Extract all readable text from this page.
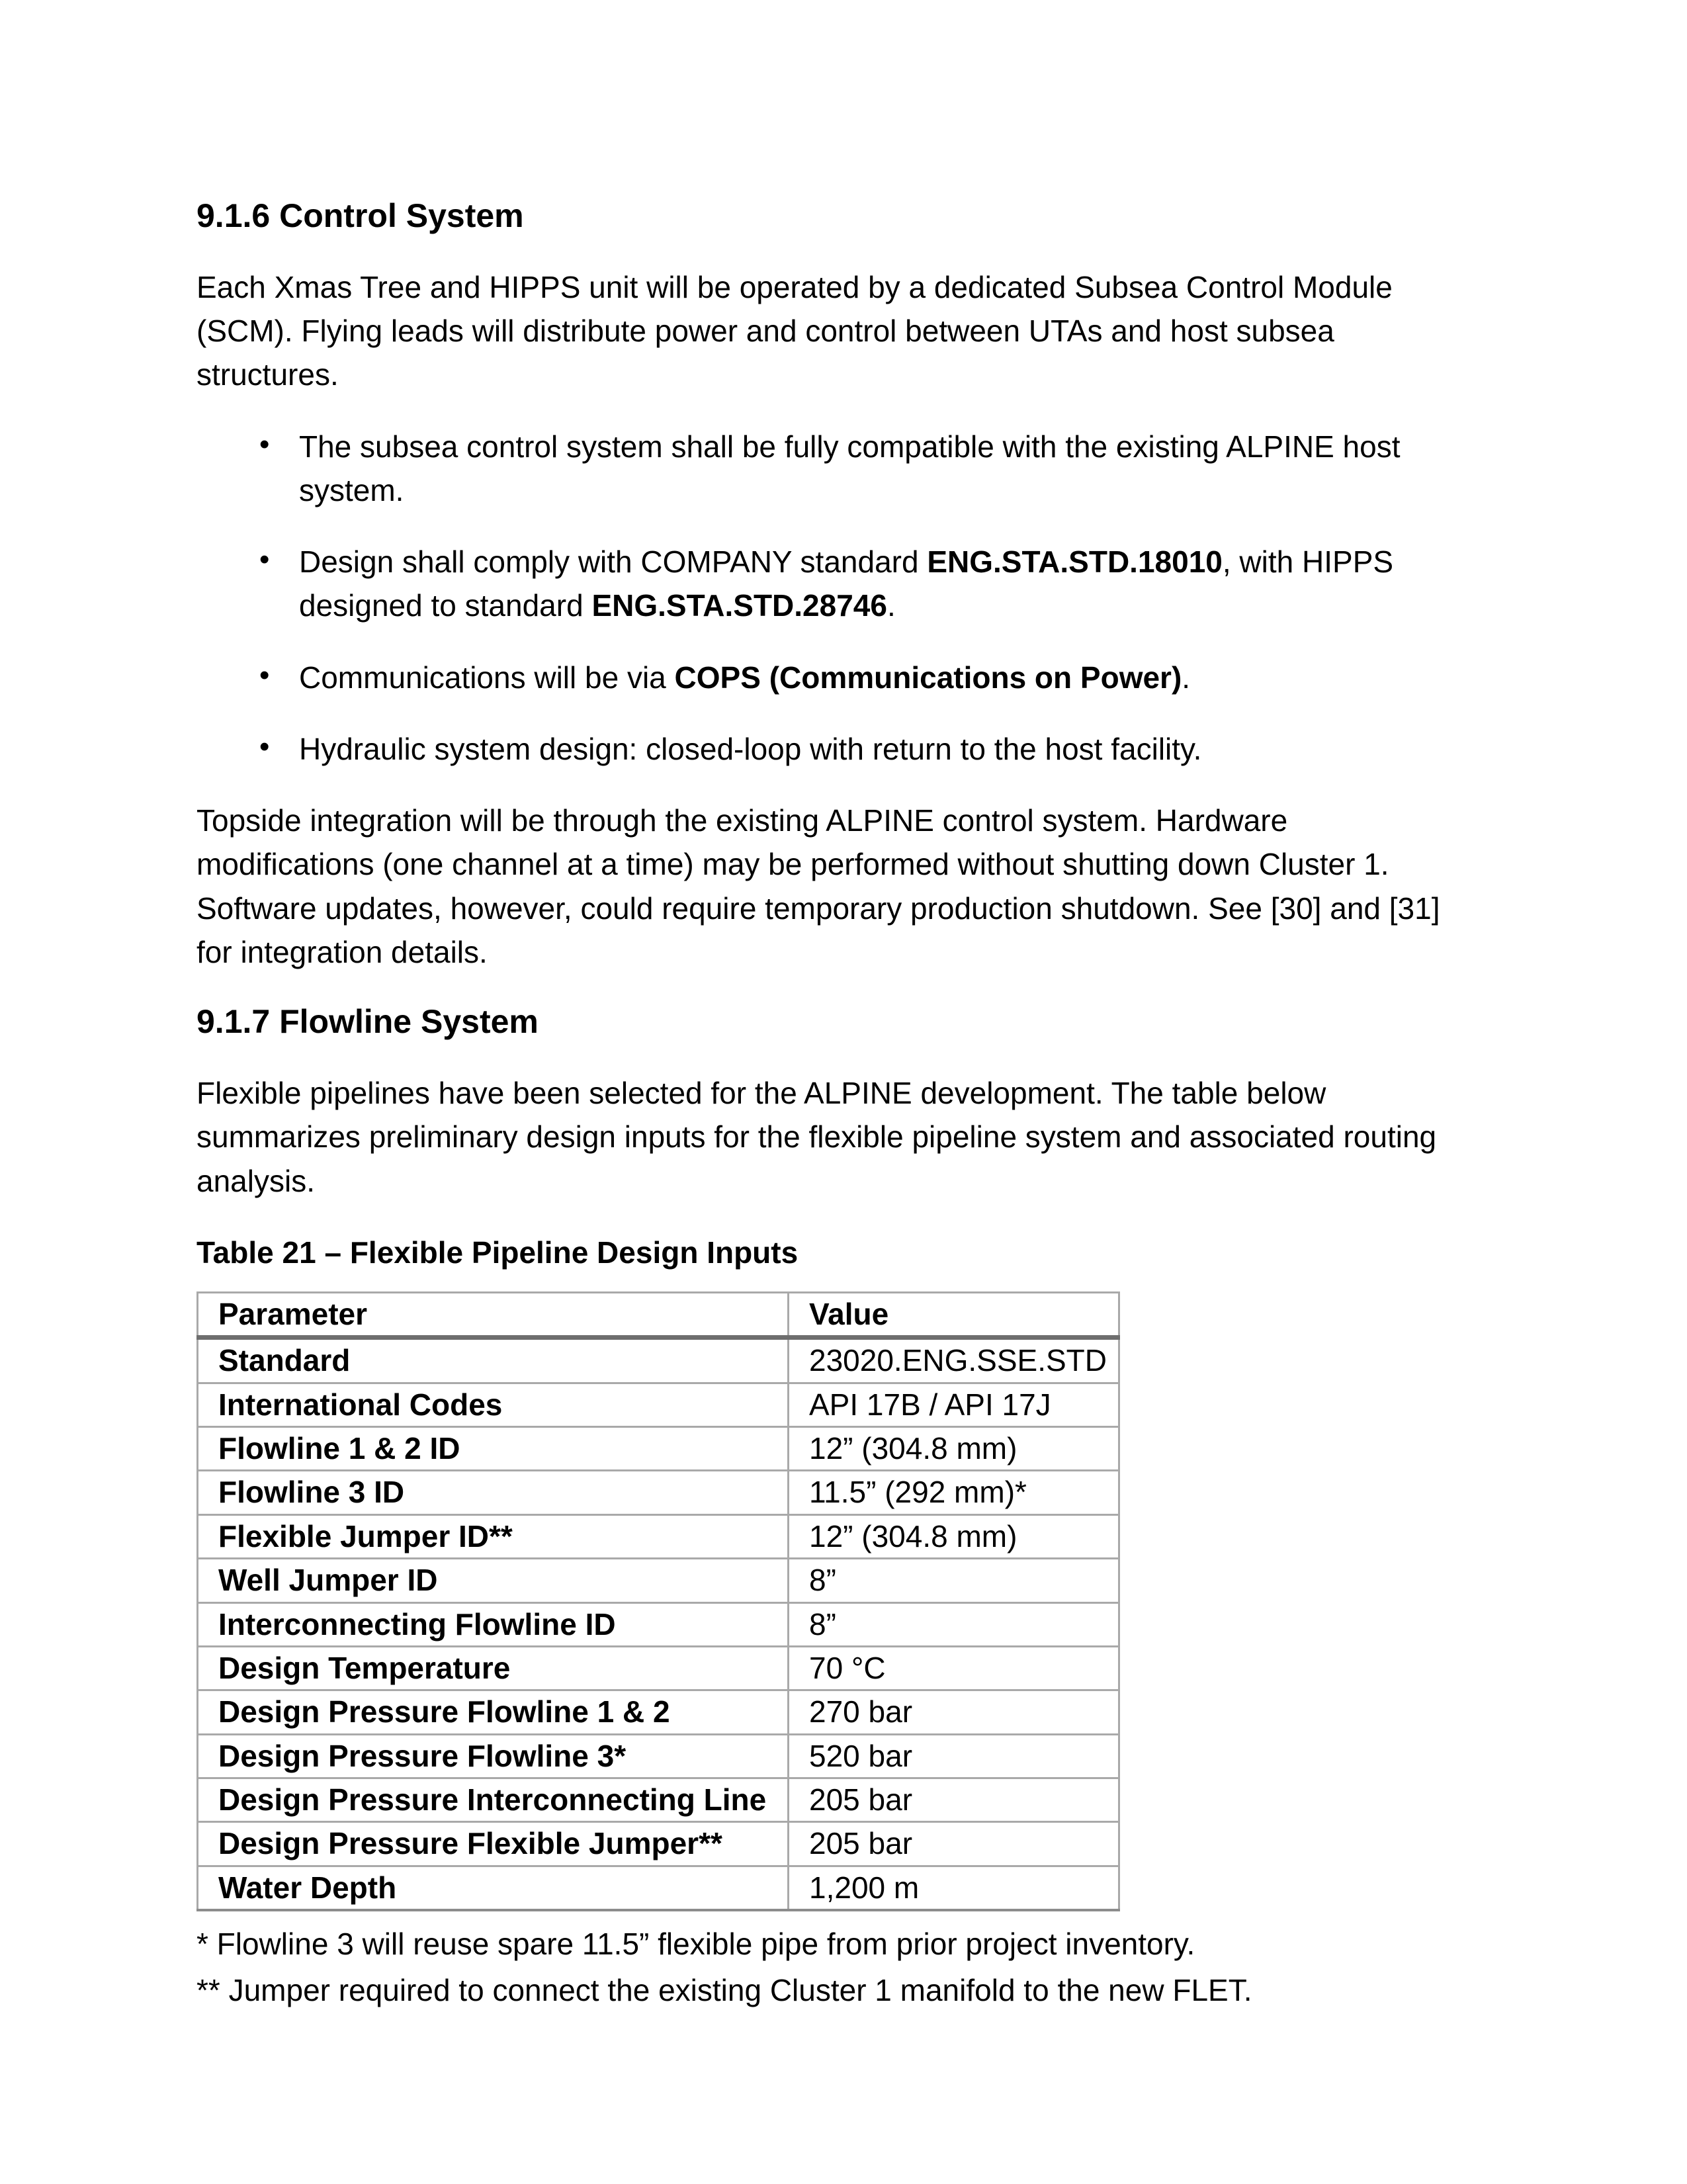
9.1.6 Control System

Each Xmas Tree and HIPPS unit will be operated by a dedicated Subsea Control Module (SCM). Flying leads will distribute power and control between UTAs and host subsea structures.

• The subsea control system shall be fully compatible with the existing ALPINE host system.
• Design shall comply with COMPANY standard ENG.STA.STD.18010, with HIPPS designed to standard ENG.STA.STD.28746.
• Communications will be via COPS (Communications on Power).
• Hydraulic system design: closed-loop with return to the host facility.

Topside integration will be through the existing ALPINE control system. Hardware modifications (one channel at a time) may be performed without shutting down Cluster 1. Software updates, however, could require temporary production shutdown. See [30] and [31] for integration details.

9.1.7 Flowline System

Flexible pipelines have been selected for the ALPINE development. The table below summarizes preliminary design inputs for the flexible pipeline system and associated routing analysis.

Table 21 – Flexible Pipeline Design Inputs

Parameter	Value
Standard	23020.ENG.SSE.STD
International Codes	API 17B / API 17J
Flowline 1 & 2 ID	12” (304.8 mm)
Flowline 3 ID	11.5” (292 mm)*
Flexible Jumper ID**	12” (304.8 mm)
Well Jumper ID	8”
Interconnecting Flowline ID	8”
Design Temperature	70 °C
Design Pressure Flowline 1 & 2	270 bar
Design Pressure Flowline 3*	520 bar
Design Pressure Interconnecting Line	205 bar
Design Pressure Flexible Jumper**	205 bar
Water Depth	1,200 m

* Flowline 3 will reuse spare 11.5” flexible pipe from prior project inventory.

** Jumper required to connect the existing Cluster 1 manifold to the new FLET.
